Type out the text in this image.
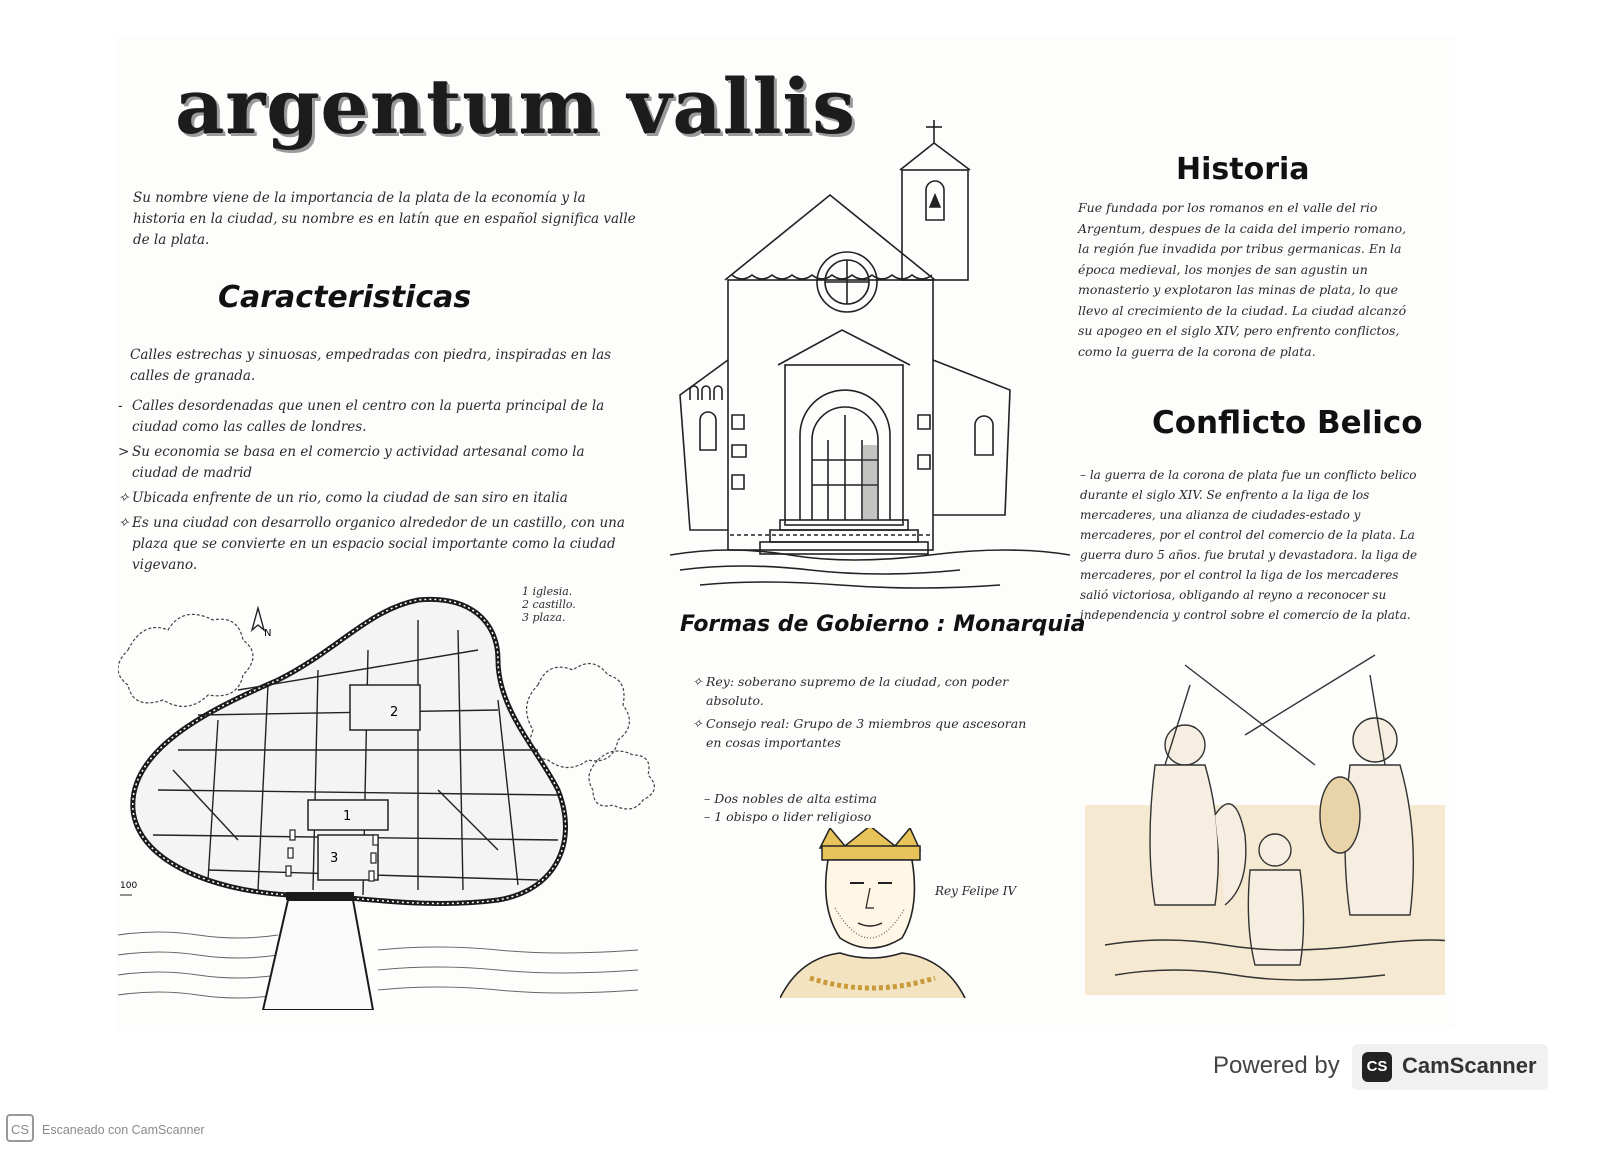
argentum vallis
Su nombre viene de la importancia de la plata de la economía y la historia en la ciudad, su nombre es en latín que en español significa valle de la plata.
Caracteristicas
Calles estrechas y sinuosas, empedradas con piedra, inspiradas en las calles de granada.
- Calles desordenadas que unen el centro con la puerta principal de la ciudad como las calles de londres.
> Su economia se basa en el comercio y actividad artesanal como la ciudad de madrid
✧ Ubicada enfrente de un rio, como la ciudad de san siro en italia
✧ Es una ciudad con desarrollo organico alrededor de un castillo, con una plaza que se convierte en un espacio social importante como la ciudad vigevano.
1 iglesia.
2 castillo.
3 plaza.
1
2
3
N
100
Formas de Gobierno : Monarquia
✧ Rey: soberano supremo de la ciudad, con poder absoluto.
✧ Consejo real: Grupo de 3 miembros que ascesoran en cosas importantes
– Dos nobles de alta estima
– 1 obispo o lider religioso
Rey Felipe IV
Historia
Fue fundada por los romanos en el valle del rio Argentum, despues de la caida del imperio romano, la región fue invadida por tribus germanicas. En la época medieval, los monjes de san agustin un monasterio y explotaron las minas de plata, lo que llevo al crecimiento de la ciudad. La ciudad alcanzó su apogeo en el siglo XIV, pero enfrento conflictos, como la guerra de la corona de plata.
Conflicto Belico
– la guerra de la corona de plata fue un conflicto belico durante el siglo XIV. Se enfrento a la liga de los mercaderes, una alianza de ciudades-estado y mercaderes, por el control del comercio de la plata. La guerra duro 5 años. fue brutal y devastadora. la liga de mercaderes, por el control la liga de los mercaderes salió victoriosa, obligando al reyno a reconocer su independencia y control sobre el comercio de la plata.
Powered by	CS CamScanner
CS	Escaneado con CamScanner
